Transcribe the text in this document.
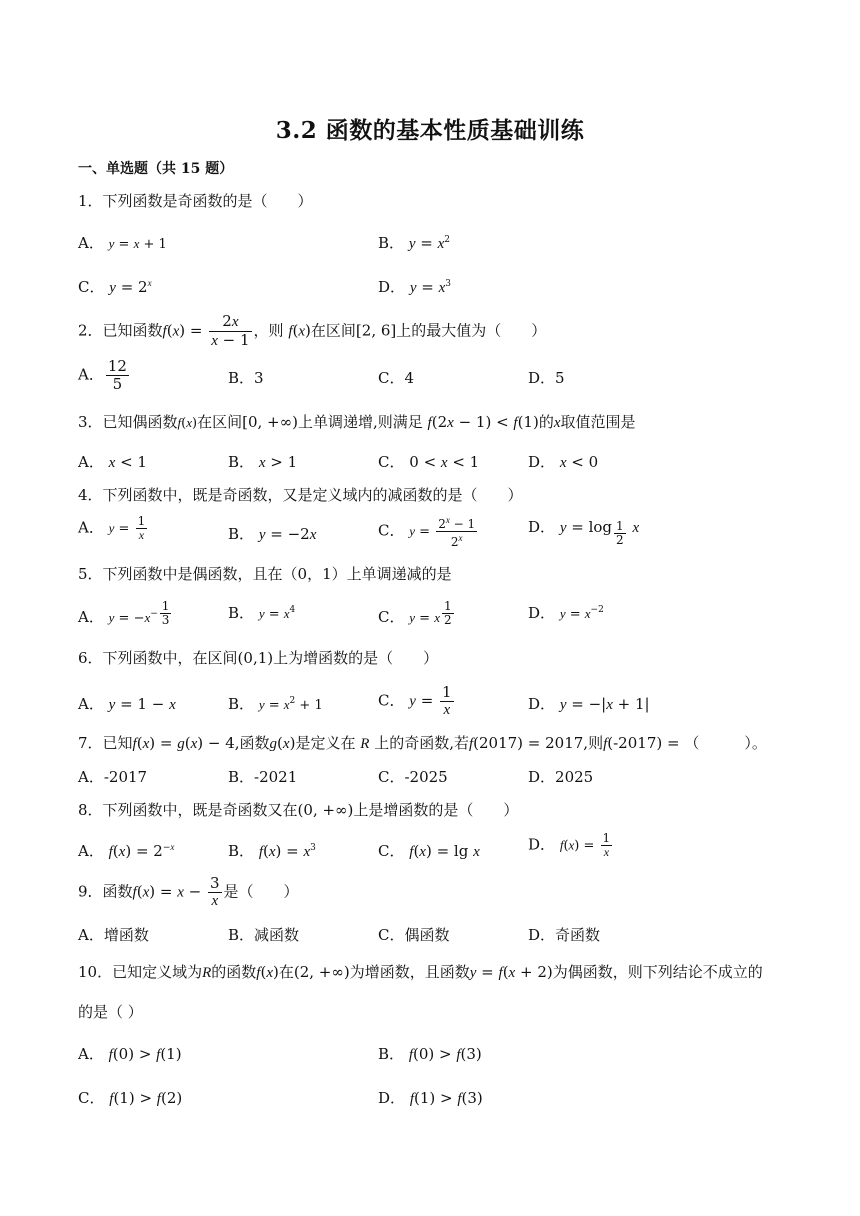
3.2 函数的基本性质基础训练
一、单选题（共 15 题）
1．下列函数是奇函数的是（　　）
A． y = x + 1	B． $y = x^2$
C． $y = 2^x$	D． $y = x^3$
2．已知函数$f(x) = \frac{2x}{x - 1}$ ，则 f(x)在区间[2, 6]上的最大值为（　　）
A． $\frac{12}{5}$	B．3	C．4	D．5
3．已知偶函数f(x)在区间[0, +∞)上单调递增,则满足 f(2x − 1) < f(1)的x取值范围是
A． x < 1	B． x > 1	C． 0 < x < 1	D． x < 0
4．下列函数中，既是奇函数，又是定义域内的减函数的是（　　）
A． $y = \frac{1}{x}$	B． y = −2x	C． $y = \frac{2^x - 1}{2^x}$	D． y = log $_{\frac{1}{2}}$ x
5．下列函数中是偶函数，且在（0，1）上单调递减的是
A． $y = -x^{- \frac{1}{3}}$	B． $y = x^4$	C． y = x $^{\frac{1}{2}}$	D． $y = x^{-2}$
6．下列函数中，在区间(0,1)上为增函数的是（　　）
A． y = 1 − x	B． $y = x^2 + 1$	C． $y = \frac{1}{x}$	D． y = −|x + 1|
7．已知f(x) = g(x) − 4,函数g(x)是定义在 R 上的奇函数,若f(2017) = 2017,则f(-2017) = （　　　）。
A．-2017	B．-2021	C．-2025	D．2025
8．下列函数中，既是奇函数又在(0, +∞)上是增函数的是（　　）
A． $f(x) = 2^{-x}$	B． $f(x) = x^3$	C． f(x) = lg x	D． $f(x) = \frac{1}{x}$
9．函数$f(x) = x - \frac{3}{x}$ 是（　　）
A．增函数	B．减函数	C．偶函数	D．奇函数
10．已知定义域为R的函数f(x)在(2, +∞)为增函数，且函数y = f(x + 2)为偶函数，则下列结论不成立的
的是（ ）
A． f(0) > f(1)	B． f(0) > f(3)
C． f(1) > f(2)	D． f(1) > f(3)
